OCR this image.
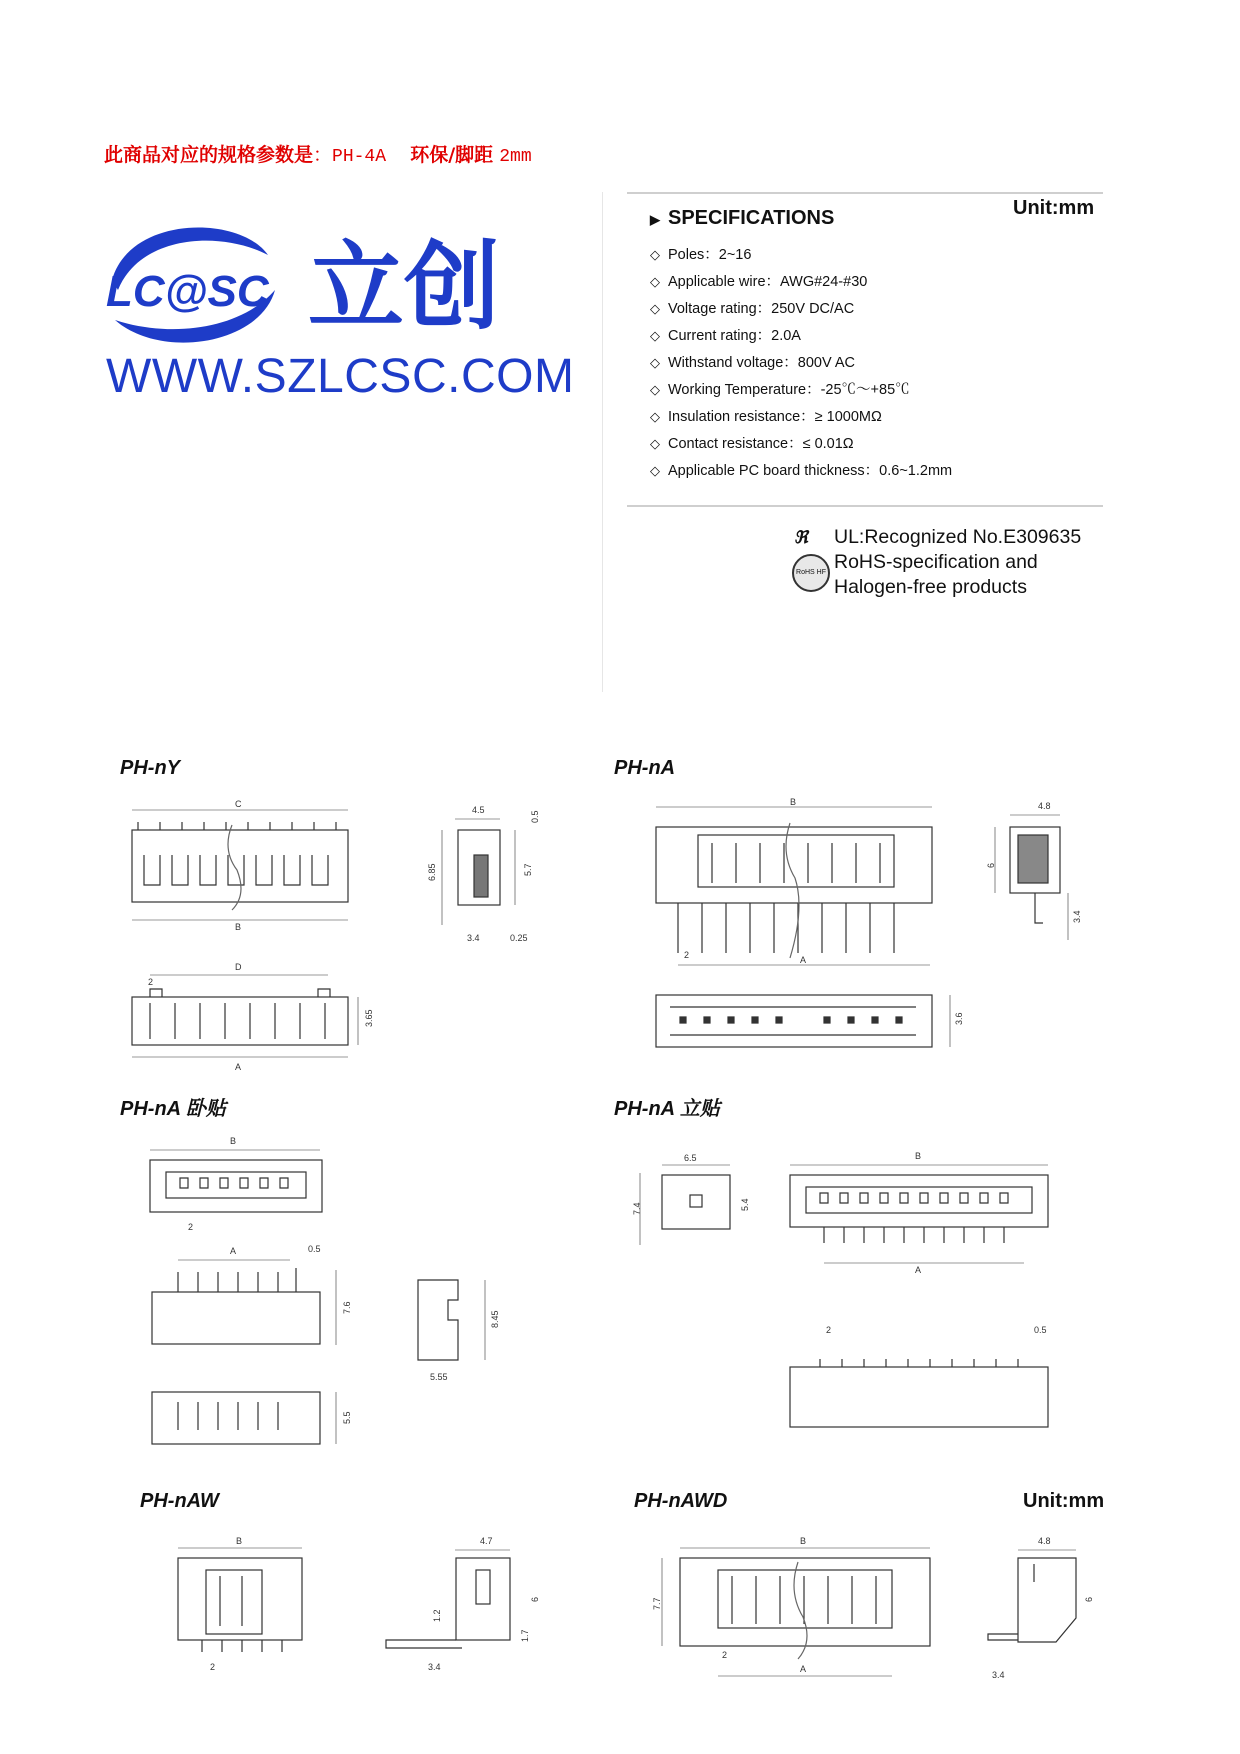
此商品对应的规格参数是：PH-4A 环保/脚距 2mm
LC@SC 立创
WWW.SZLCSC.COM
▶ SPECIFICATIONS	Unit:mm
◇ Poles：2~16
◇ Applicable wire：AWG#24-#30
◇ Voltage rating：250V DC/AC
◇ Current rating：2.0A
◇ Withstand voltage：800V AC
◇ Working Temperature：-25℃～+85℃
◇ Insulation resistance：≥ 1000MΩ
◇ Contact resistance：≤ 0.01Ω
◇ Applicable PC board thickness：0.6~1.2mm
ℜ
RoHS HF
UL:Recognized No.E309635
RoHS-specification and
Halogen-free products
PH-nY	PH-nA
PH-nA 卧贴	PH-nA 立贴
PH-nAW	PH-nAWD	Unit:mm
C
B
D
2
A
3.65
4.5
0.5
6.85	5.7
3.4	0.25
B
2	A
3.6
4.8
6
3.4
B
2
A	0.5
7.6
5.5
8.45
5.55
6.5
7.4	5.4
B
A
2	0.5
B
2
4.7
1.2
6
1.7
3.4
B
7.7
2
A
4.8
6
3.4
